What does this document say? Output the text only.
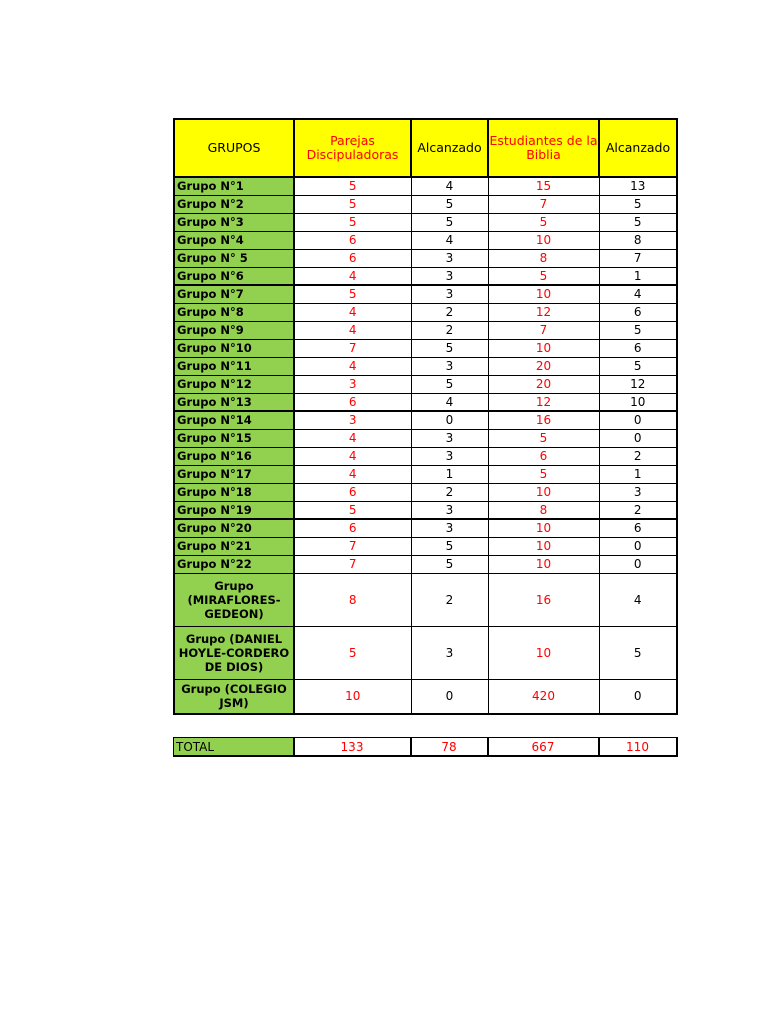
GRUPOS	Parejas Discipuladoras	Alcanzado	Estudiantes de la Biblia	Alcanzado
Grupo N°1	5	4	15	13
Grupo N°2	5	5	7	5
Grupo N°3	5	5	5	5
Grupo N°4	6	4	10	8
Grupo N° 5	6	3	8	7
Grupo N°6	4	3	5	1
Grupo N°7	5	3	10	4
Grupo N°8	4	2	12	6
Grupo N°9	4	2	7	5
Grupo N°10	7	5	10	6
Grupo N°11	4	3	20	5
Grupo N°12	3	5	20	12
Grupo N°13	6	4	12	10
Grupo N°14	3	0	16	0
Grupo N°15	4	3	5	0
Grupo N°16	4	3	6	2
Grupo N°17	4	1	5	1
Grupo N°18	6	2	10	3
Grupo N°19	5	3	8	2
Grupo N°20	6	3	10	6
Grupo N°21	7	5	10	0
Grupo N°22	7	5	10	0
Grupo (MIRAFLORES-GEDEON)	8	2	16	4
Grupo (DANIEL HOYLE-CORDERO DE DIOS)	5	3	10	5
Grupo (COLEGIO JSM)	10	0	420	0
TOTAL	133	78	667	110
